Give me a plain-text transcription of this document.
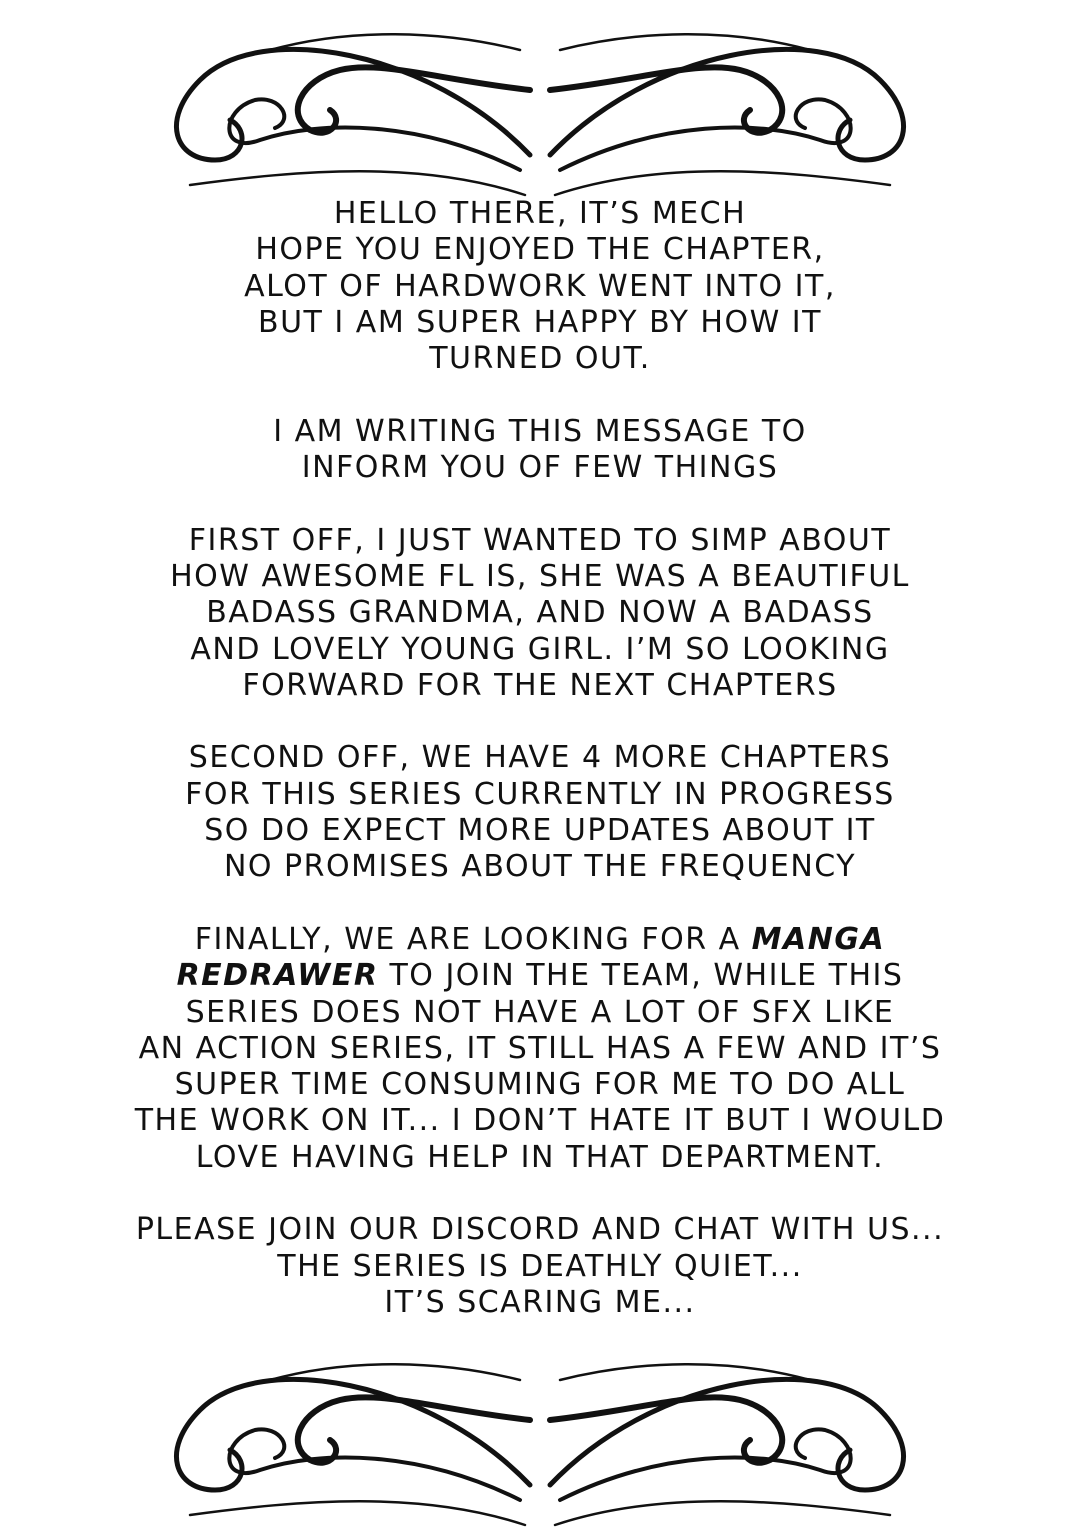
HELLO THERE, IT’S MECH
HOPE YOU ENJOYED THE CHAPTER,
ALOT OF HARDWORK WENT INTO IT,
BUT I AM SUPER HAPPY BY HOW IT
TURNED OUT.

I AM WRITING THIS MESSAGE TO
INFORM YOU OF FEW THINGS

FIRST OFF, I JUST WANTED TO SIMP ABOUT
HOW AWESOME FL IS, SHE WAS A BEAUTIFUL
BADASS GRANDMA, AND NOW A BADASS
AND LOVELY YOUNG GIRL. I’M SO LOOKING
FORWARD FOR THE NEXT CHAPTERS

SECOND OFF, WE HAVE 4 MORE CHAPTERS
FOR THIS SERIES CURRENTLY IN PROGRESS
SO DO EXPECT MORE UPDATES ABOUT IT
NO PROMISES ABOUT THE FREQUENCY

FINALLY, WE ARE LOOKING FOR A MANGA
REDRAWER TO JOIN THE TEAM, WHILE THIS
SERIES DOES NOT HAVE A LOT OF SFX LIKE
AN ACTION SERIES, IT STILL HAS A FEW AND IT’S
SUPER TIME CONSUMING FOR ME TO DO ALL
THE WORK ON IT... I DON’T HATE IT BUT I WOULD
LOVE HAVING HELP IN THAT DEPARTMENT.

PLEASE JOIN OUR DISCORD AND CHAT WITH US...
THE SERIES IS DEATHLY QUIET...
IT’S SCARING ME...
